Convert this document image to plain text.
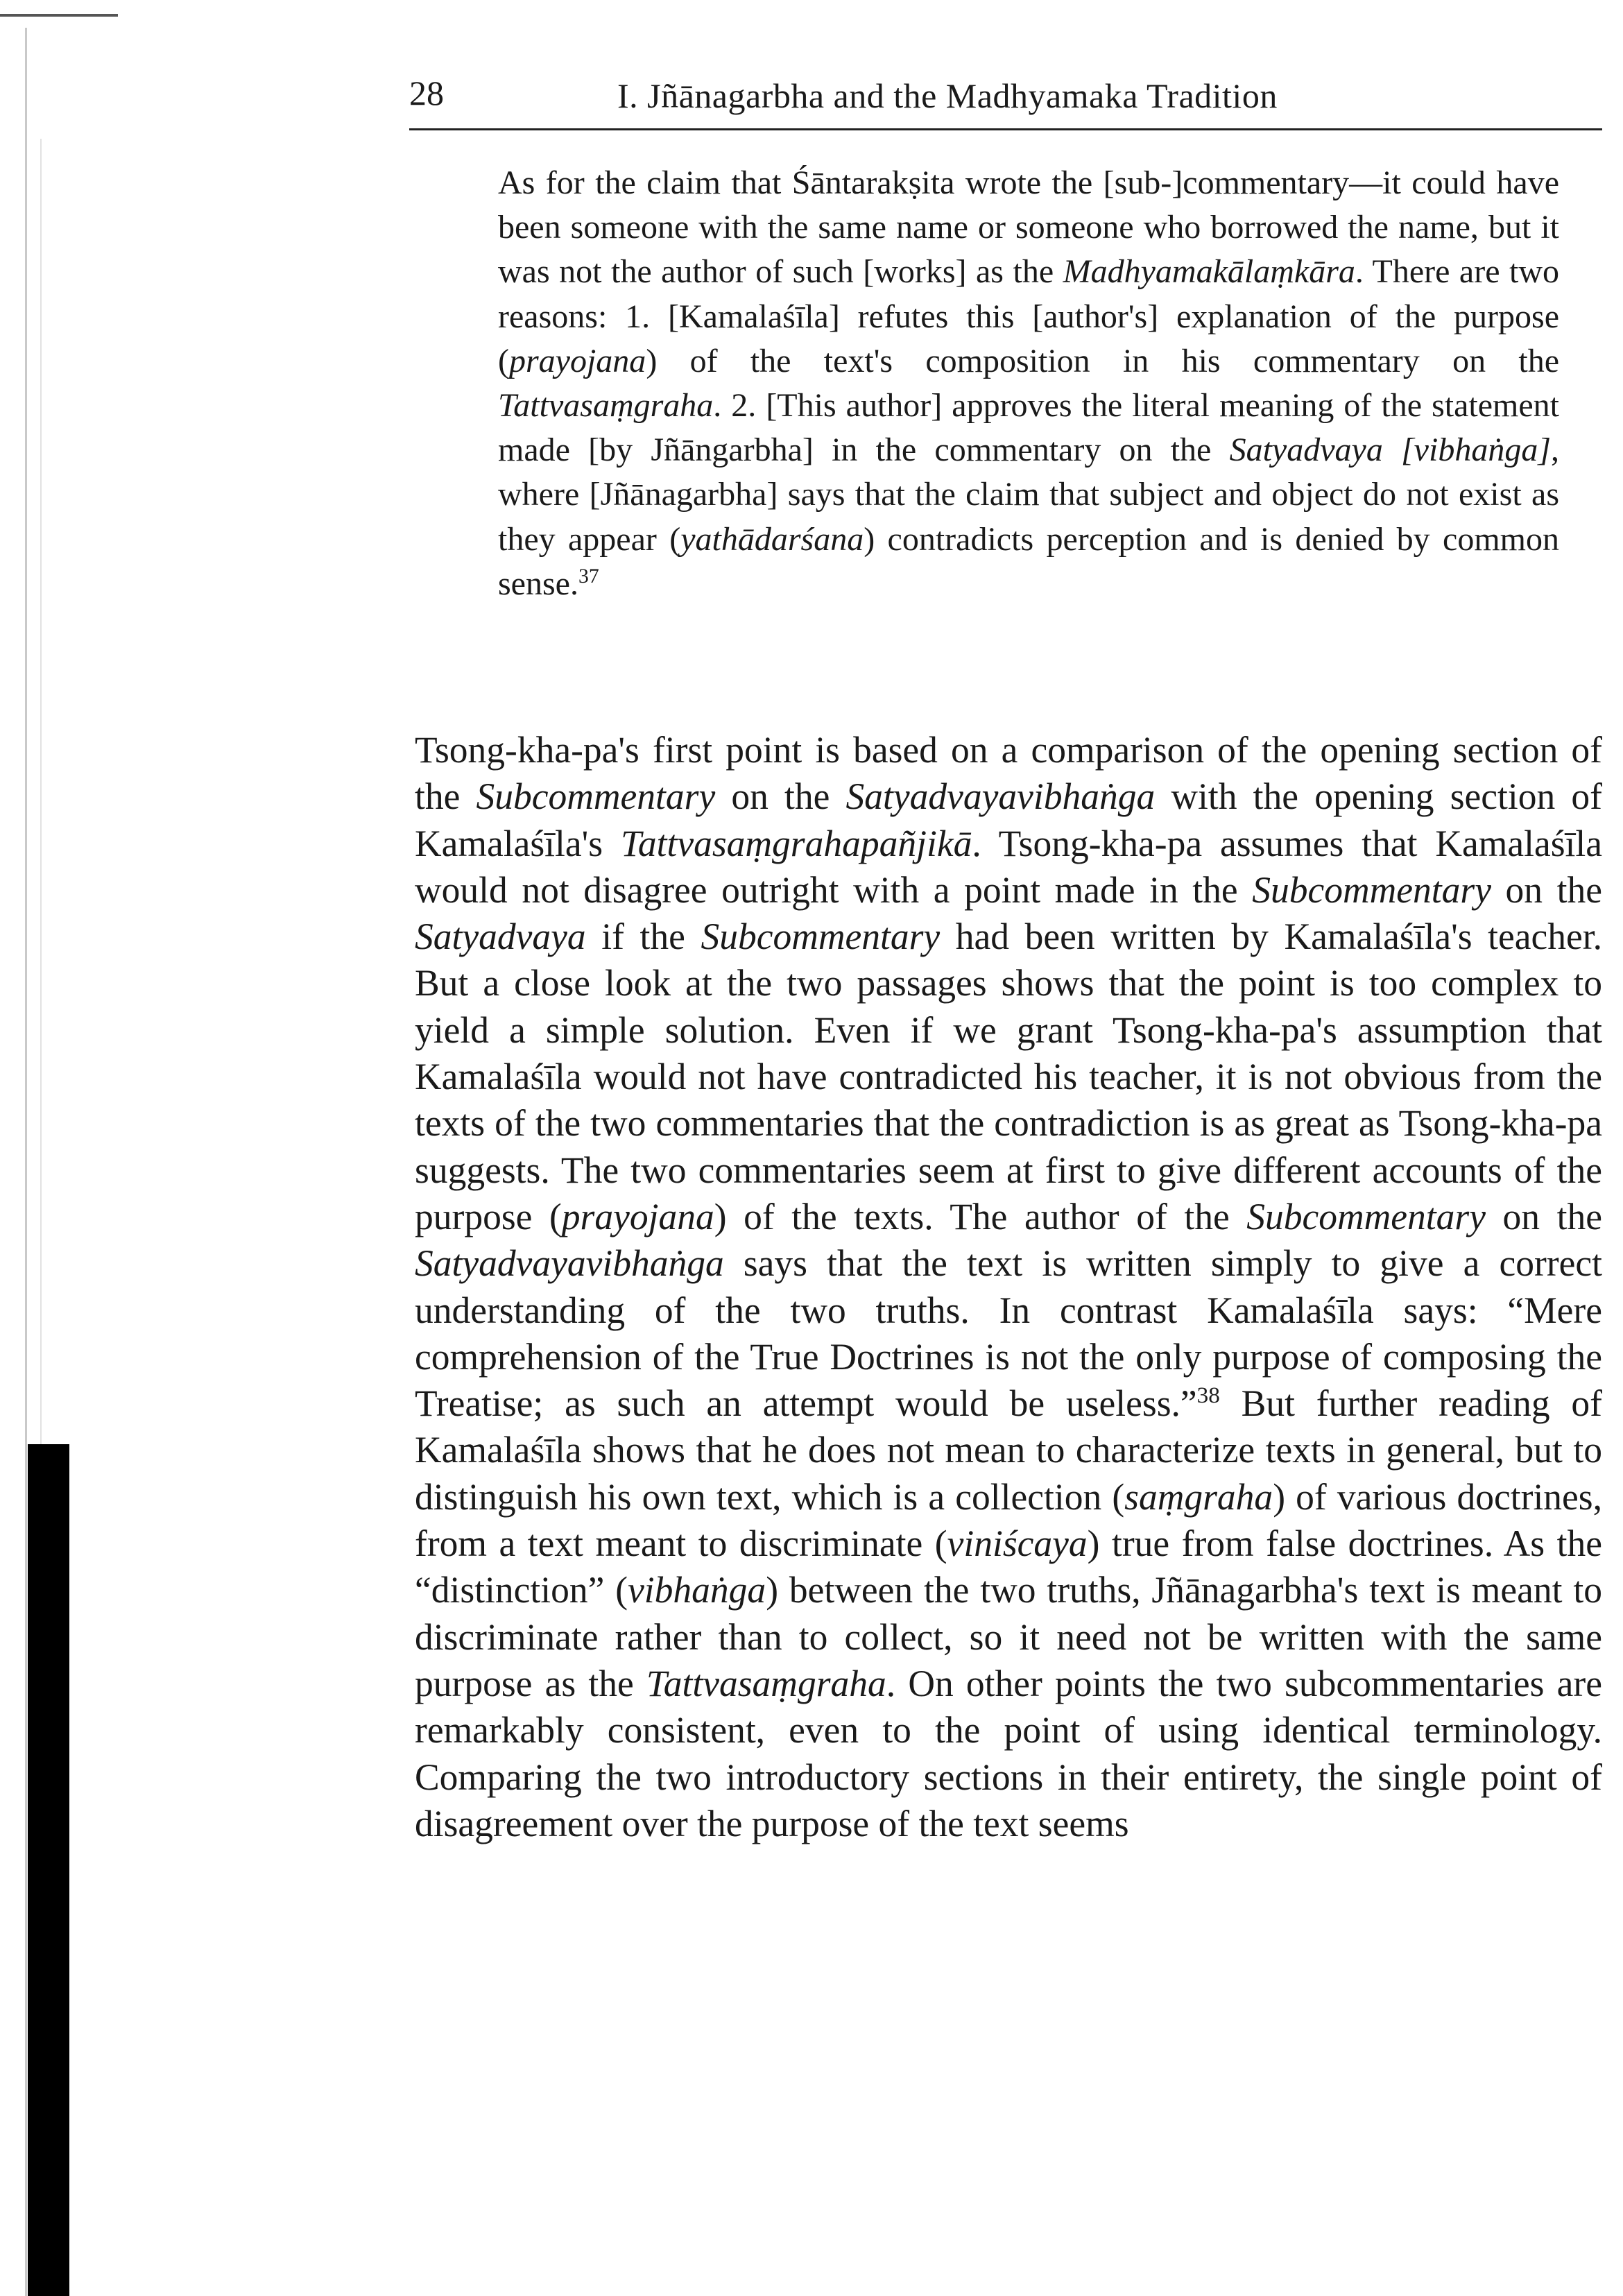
28	I. Jñānagarbha and the Madhyamaka Tradition

As for the claim that Śāntarakṣita wrote the [sub-]commentary—it could have been someone with the same name or someone who borrowed the name, but it was not the author of such [works] as the Madhyamakālaṃkāra. There are two reasons: 1. [Kamalaśīla] refutes this [author's] explanation of the purpose (prayojana) of the text's composition in his commentary on the Tattvasaṃgraha. 2. [This author] approves the literal meaning of the statement made [by Jñāngarbha] in the commentary on the Satyadvaya [vibhaṅga], where [Jñānagarbha] says that the claim that subject and object do not exist as they appear (yathādarśana) contradicts perception and is denied by common sense.$^{37}$

Tsong-kha-pa's first point is based on a comparison of the opening section of the Subcommentary on the Satyadvayavibhaṅga with the opening section of Kamalaśīla's Tattvasaṃgrahapañjikā. Tsong-kha-pa assumes that Kamalaśīla would not disagree outright with a point made in the Subcommentary on the Satyadvaya if the Subcommentary had been written by Kamalaśīla's teacher. But a close look at the two passages shows that the point is too complex to yield a simple solution. Even if we grant Tsong-kha-pa's assumption that Kamalaśīla would not have contradicted his teacher, it is not obvious from the texts of the two commentaries that the contradiction is as great as Tsong-kha-pa suggests. The two commentaries seem at first to give different accounts of the purpose (prayojana) of the texts. The author of the Subcommentary on the Satyadvayavibhaṅga says that the text is written simply to give a correct understanding of the two truths. In contrast Kamalaśīla says: “Mere comprehension of the True Doctrines is not the only purpose of composing the Treatise; as such an attempt would be useless.”$^{38}$ But further reading of Kamalaśīla shows that he does not mean to characterize texts in general, but to distinguish his own text, which is a collection (saṃgraha) of various doctrines, from a text meant to discriminate (viniścaya) true from false doctrines. As the “distinction” (vibhaṅga) between the two truths, Jñānagarbha's text is meant to discriminate rather than to collect, so it need not be written with the same purpose as the Tattvasaṃgraha. On other points the two subcommentaries are remarkably consistent, even to the point of using identical terminology. Comparing the two introductory sections in their entirety, the single point of disagreement over the purpose of the text seems
